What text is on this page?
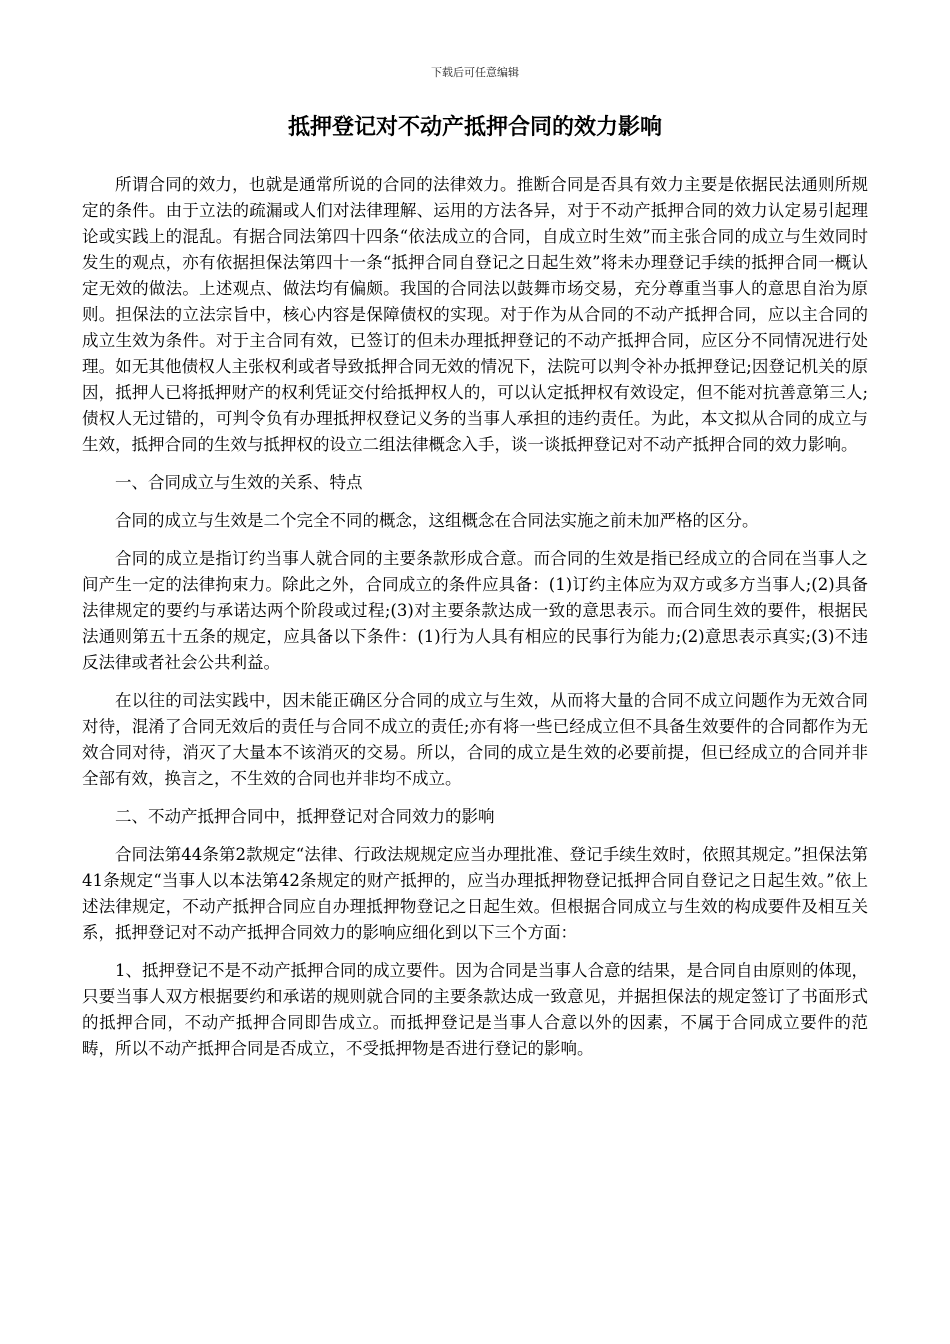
下载后可任意编辑
抵押登记对不动产抵押合同的效力影响

所谓合同的效力，也就是通常所说的合同的法律效力。推断合同是否具有效力主要是依据民法通则所规定的条件。由于立法的疏漏或人们对法律理解、运用的方法各异，对于不动产抵押合同的效力认定易引起理论或实践上的混乱。有据合同法第四十四条“依法成立的合同，自成立时生效”而主张合同的成立与生效同时发生的观点，亦有依据担保法第四十一条“抵押合同自登记之日起生效”将未办理登记手续的抵押合同一概认定无效的做法。上述观点、做法均有偏颇。我国的合同法以鼓舞市场交易，充分尊重当事人的意思自治为原则。担保法的立法宗旨中，核心内容是保障债权的实现。对于作为从合同的不动产抵押合同，应以主合同的成立生效为条件。对于主合同有效，已签订的但未办理抵押登记的不动产抵押合同，应区分不同情况进行处理。如无其他债权人主张权利或者导致抵押合同无效的情况下，法院可以判令补办抵押登记;因登记机关的原因，抵押人已将抵押财产的权利凭证交付给抵押权人的，可以认定抵押权有效设定，但不能对抗善意第三人;债权人无过错的，可判令负有办理抵押权登记义务的当事人承担的违约责任。为此，本文拟从合同的成立与生效，抵押合同的生效与抵押权的设立二组法律概念入手，谈一谈抵押登记对不动产抵押合同的效力影响。

一、合同成立与生效的关系、特点

合同的成立与生效是二个完全不同的概念，这组概念在合同法实施之前未加严格的区分。

合同的成立是指订约当事人就合同的主要条款形成合意。而合同的生效是指已经成立的合同在当事人之间产生一定的法律拘束力。除此之外，合同成立的条件应具备：(1)订约主体应为双方或多方当事人;(2)具备法律规定的要约与承诺达两个阶段或过程;(3)对主要条款达成一致的意思表示。而合同生效的要件，根据民法通则第五十五条的规定，应具备以下条件：(1)行为人具有相应的民事行为能力;(2)意思表示真实;(3)不违反法律或者社会公共利益。

在以往的司法实践中，因未能正确区分合同的成立与生效，从而将大量的合同不成立问题作为无效合同对待，混淆了合同无效后的责任与合同不成立的责任;亦有将一些已经成立但不具备生效要件的合同都作为无效合同对待，消灭了大量本不该消灭的交易。所以，合同的成立是生效的必要前提，但已经成立的合同并非全部有效，换言之，不生效的合同也并非均不成立。

二、不动产抵押合同中，抵押登记对合同效力的影响

合同法第44条第2款规定“法律、行政法规规定应当办理批准、登记手续生效时，依照其规定。”担保法第41条规定“当事人以本法第42条规定的财产抵押的，应当办理抵押物登记抵押合同自登记之日起生效。”依上述法律规定，不动产抵押合同应自办理抵押物登记之日起生效。但根据合同成立与生效的构成要件及相互关系，抵押登记对不动产抵押合同效力的影响应细化到以下三个方面：

1、抵押登记不是不动产抵押合同的成立要件。因为合同是当事人合意的结果，是合同自由原则的体现，只要当事人双方根据要约和承诺的规则就合同的主要条款达成一致意见，并据担保法的规定签订了书面形式的抵押合同，不动产抵押合同即告成立。而抵押登记是当事人合意以外的因素，不属于合同成立要件的范畴，所以不动产抵押合同是否成立，不受抵押物是否进行登记的影响。
